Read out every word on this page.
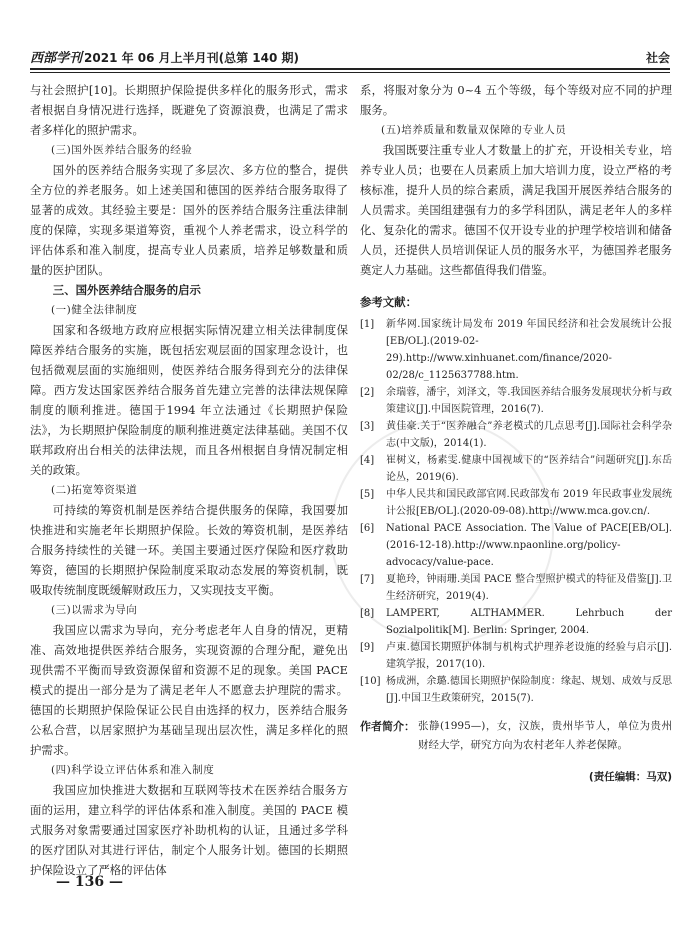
西部学刊 2021 年 06 月上半月刊(总第 140 期)	社会

与社会照护[10]。长期照护保险提供多样化的服务形式，需求者根据自身情况进行选择，既避免了资源浪费，也满足了需求者多样化的照护需求。

(三)国外医养结合服务的经验

国外的医养结合服务实现了多层次、多方位的整合，提供全方位的养老服务。如上述美国和德国的医养结合服务取得了显著的成效。其经验主要是：国外的医养结合服务注重法律制度的保障，实现多渠道筹资，重视个人养老需求，设立科学的评估体系和准入制度，提高专业人员素质，培养足够数量和质量的医护团队。

三、国外医养结合服务的启示

(一)健全法律制度

国家和各级地方政府应根据实际情况建立相关法律制度保障医养结合服务的实施，既包括宏观层面的国家理念设计，也包括微观层面的实施细则，使医养结合服务得到充分的法律保障。西方发达国家医养结合服务首先建立完善的法律法规保障制度的顺利推进。德国于1994 年立法通过《长期照护保险法》，为长期照护保险制度的顺利推进奠定法律基础。美国不仅联邦政府出台相关的法律法规，而且各州根据自身情况制定相关的政策。

(二)拓宽筹资渠道

可持续的筹资机制是医养结合提供服务的保障，我国要加快推进和实施老年长期照护保险。长效的筹资机制，是医养结合服务持续性的关键一环。美国主要通过医疗保险和医疗救助筹资，德国的长期照护保险制度采取动态发展的筹资机制，既吸取传统制度既缓解财政压力，又实现技支平衡。

(三)以需求为导向

我国应以需求为导向，充分考虑老年人自身的情况，更精准、高效地提供医养结合服务，实现资源的合理分配，避免出现供需不平衡而导致资源保留和资源不足的现象。美国 PACE 模式的提出一部分是为了满足老年人不愿意去护理院的需求。德国的长期照护保险保证公民自由选择的权力，医养结合服务公私合营，以居家照护为基础呈现出层次性，满足多样化的照护需求。

(四)科学设立评估体系和准入制度

我国应加快推进大数据和互联网等技术在医养结合服务方面的运用，建立科学的评估体系和准入制度。美国的 PACE 模式服务对象需要通过国家医疗补助机构的认证，且通过多学科的医疗团队对其进行评估，制定个人服务计划。德国的长期照护保险设立了严格的评估体

系，将服对象分为 0~4 五个等级，每个等级对应不同的护理服务。

(五)培养质量和数量双保障的专业人员

我国既要注重专业人才数量上的扩充，开设相关专业，培养专业人员；也要在人员素质上加大培训力度，设立严格的考核标准，提升人员的综合素质，满足我国开展医养结合服务的人员需求。美国组建强有力的多学科团队，满足老年人的多样化、复杂化的需求。德国不仅开设专业的护理学校培训和储备人员，还提供人员培训保证人员的服务水平，为德国养老服务奠定人力基础。这些都值得我们借鉴。

参考文献：
[1]	新华网.国家统计局发布 2019 年国民经济和社会发展统计公报[EB/OL].(2019-02-29).http://www.xinhuanet.com/finance/2020-02/28/c_1125637788.htm.
[2]	余瑞蓉，潘宇，刘泽文，等.我国医养结合服务发展现状分析与政策建议[J].中国医院管理，2016(7).
[3]	黄佳豪.关于“医养融合”养老模式的几点思考[J].国际社会科学杂志(中文版)，2014(1).
[4]	崔树义，杨素雯.健康中国视域下的“医养结合”问题研究[J].东岳论丛，2019(6).
[5]	中华人民共和国民政部官网.民政部发布 2019 年民政事业发展统计公报[EB/OL].(2020-09-08).http://www.mca.gov.cn/.
[6]	National PACE Association. The Value of PACE[EB/OL].(2016-12-18).http://www.npaonline.org/policy-advocacy/value-pace.
[7]	夏艳玲，钟雨珊.美国 PACE 整合型照护模式的特征及借鉴[J].卫生经济研究，2019(4).
[8]	LAMPERT, ALTHAMMER. Lehrbuch der Sozialpolitik[M]. Berlin: Springer, 2004.
[9]	卢東.德国长期照护体制与机构式护理养老设施的经验与启示[J].建筑学报，2017(10).
[10] 杨成洲，余璐.德国长期照护保险制度：缘起、规划、成效与反思[J].中国卫生政策研究，2015(7).
作者简介： 张静(1995—)，女，汉族，贵州毕节人，单位为贵州财经大学，研究方向为农村老年人养老保障。
(责任编辑：马双)
— 136 —
